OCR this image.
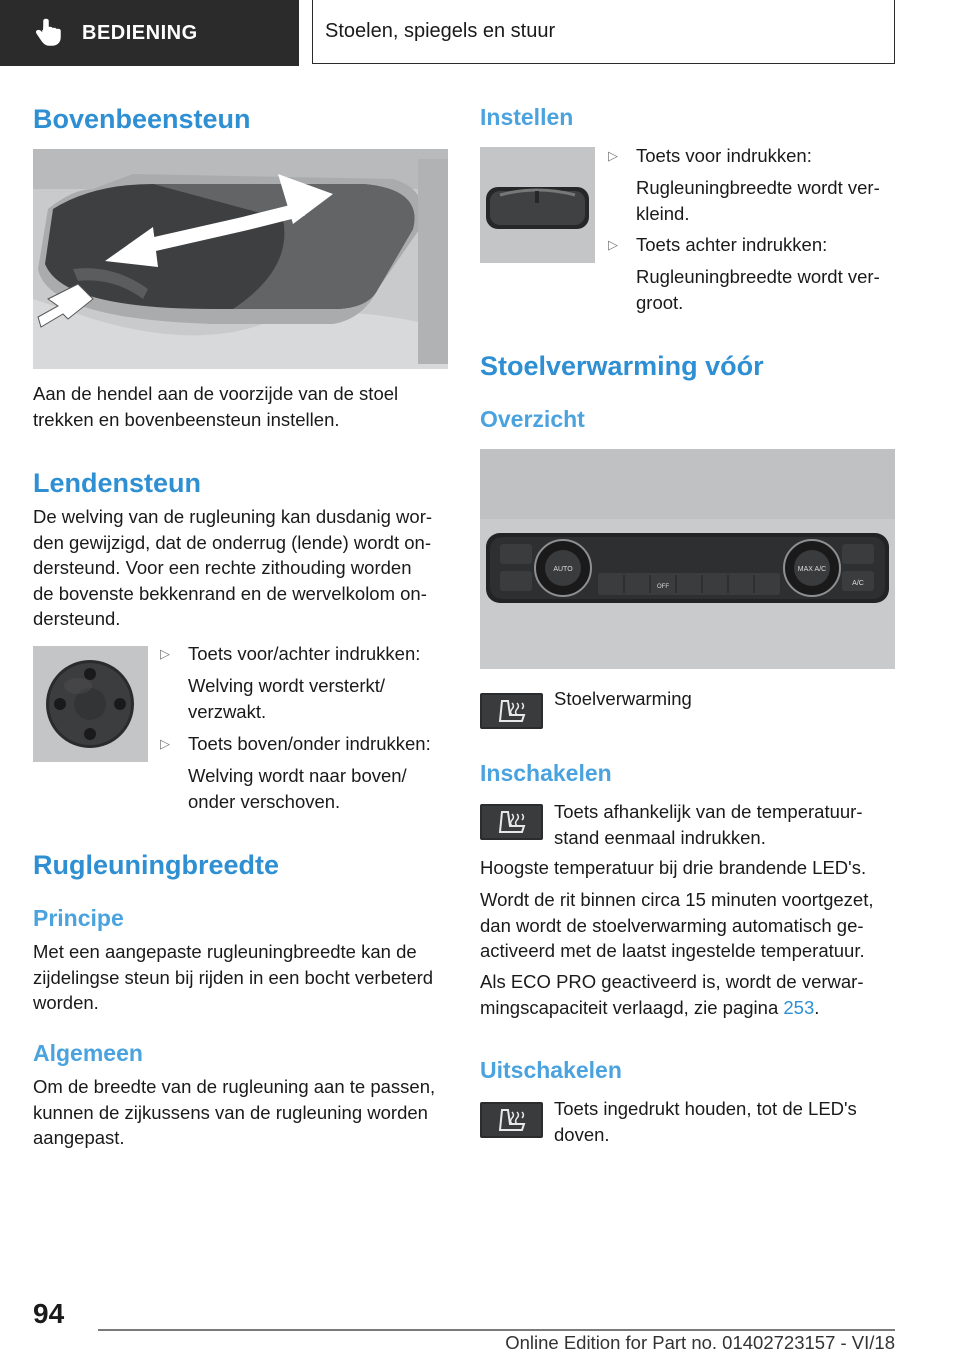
BEDIENING	Stoelen, spiegels en stuur
Bovenbeensteun

Aan de hendel aan de voorzijde van de stoel
trekken en bovenbeensteun instellen.

Lendensteun

De welving van de rugleuning kan dusdanig wor-
den gewijzigd, dat de onderrug (lende) wordt on-
dersteund. Voor een rechte zithouding worden
de bovenste bekkenrand en de wervelkolom on-
dersteund.

▷ Toets voor/achter indrukken:
Welving wordt versterkt/
verzwakt.
▷ Toets boven/onder indrukken:
Welving wordt naar boven/
onder verschoven.
Rugleuningbreedte
Principe

Met een aangepaste rugleuningbreedte kan de
zijdelingse steun bij rijden in een bocht verbeterd
worden.

Algemeen

Om de breedte van de rugleuning aan te passen,
kunnen de zijkussens van de rugleuning worden
aangepast.

Instellen
▷ Toets voor indrukken:
Rugleuningbreedte wordt ver-
kleind.
▷ Toets achter indrukken:
Rugleuningbreedte wordt ver-
groot.
Stoelverwarming vóór
Overzicht
AUTO	MAX A/C
A/C
OFF
Stoelverwarming
Inschakelen
Toets afhankelijk van de temperatuur-
stand eenmaal indrukken.

Hoogste temperatuur bij drie brandende LED's.

Wordt de rit binnen circa 15 minuten voortgezet,
dan wordt de stoelverwarming automatisch ge-
activeerd met de laatst ingestelde temperatuur.

Als ECO PRO geactiveerd is, wordt de verwar-
mingscapaciteit verlaagd, zie pagina 253.

Uitschakelen
Toets ingedrukt houden, tot de LED's
doven.
94
Online Edition for Part no. 01402723157 - VI/18
